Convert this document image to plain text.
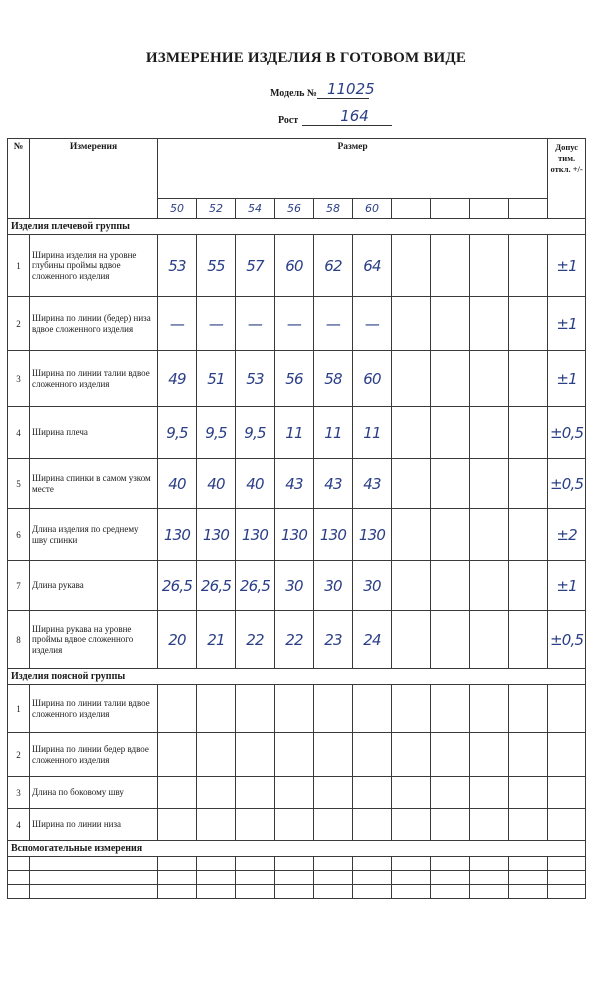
ИЗМЕРЕНИЕ ИЗДЕЛИЯ В ГОТОВОМ ВИДЕ
Модель № 11025
Рост	164
№	Измерения	Размер										Допус тим. откл. +/-
		50	52	54	56	58	60					
Изделия плечевой группы												
1	Ширина изделия на уровне глубины проймы вдвое сложенного изделия	53	55	57	60	62	64					±1
2	Ширина по линии (бедер) низа вдвое сложенного изделия	—	—	—	—	—	—					±1
3	Ширина по линии талии вдвое сложенного изделия	49	51	53	56	58	60					±1
4	Ширина плеча	9,5	9,5	9,5	11	11	11					±0,5
5	Ширина спинки в самом узком месте	40	40	40	43	43	43					±0,5
6	Длина изделия по среднему шву спинки	130	130	130	130	130	130					±2
7	Длина рукава	26,5	26,5	26,5	30	30	30					±1
8	Ширина рукава на уровне проймы вдвое сложенного изделия	20	21	22	22	23	24					±0,5
Изделия поясной группы												
1	Ширина по линии талии вдвое сложенного изделия											
2	Ширина по линии бедер вдвое сложенного изделия											
3	Длина по боковому шву											
4	Ширина по линии низа											
Вспомогательные измерения												
